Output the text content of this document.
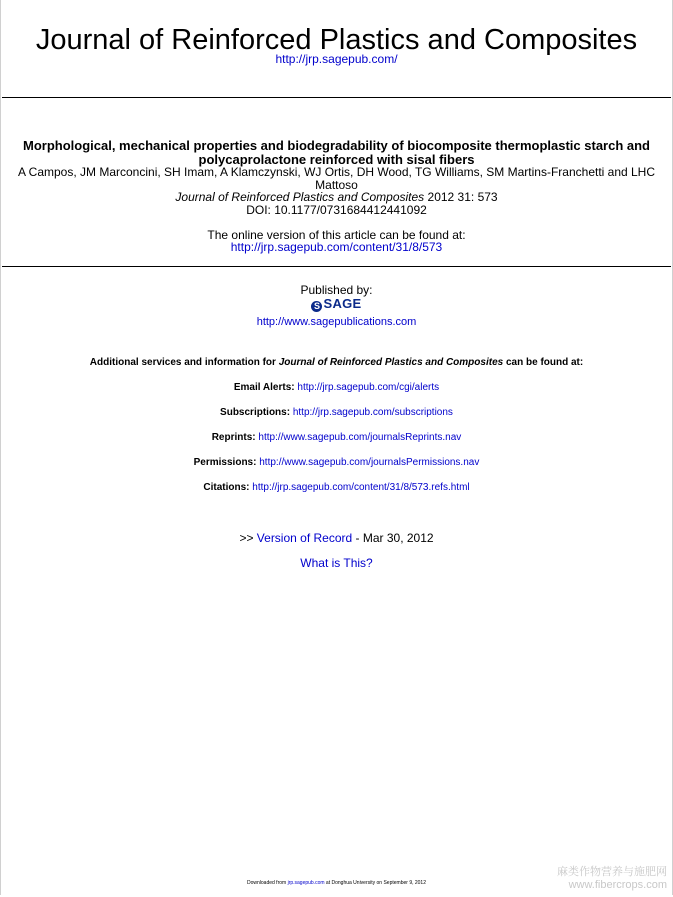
Journal of Reinforced Plastics and Composites
http://jrp.sagepub.com/
Morphological, mechanical properties and biodegradability of biocomposite thermoplastic starch and polycaprolactone reinforced with sisal fibers
A Campos, JM Marconcini, SH Imam, A Klamczynski, WJ Ortis, DH Wood, TG Williams, SM Martins-Franchetti and LHC Mattoso
Journal of Reinforced Plastics and Composites 2012 31: 573
DOI: 10.1177/0731684412441092
The online version of this article can be found at:
http://jrp.sagepub.com/content/31/8/573
Published by:
S SAGE
http://www.sagepublications.com
Additional services and information for Journal of Reinforced Plastics and Composites can be found at:
Email Alerts: http://jrp.sagepub.com/cgi/alerts
Subscriptions: http://jrp.sagepub.com/subscriptions
Reprints: http://www.sagepub.com/journalsReprints.nav
Permissions: http://www.sagepub.com/journalsPermissions.nav
Citations: http://jrp.sagepub.com/content/31/8/573.refs.html
>> Version of Record - Mar 30, 2012
What is This?
Downloaded from jrp.sagepub.com at Donghua University on September 9, 2012
麻类作物营养与施肥网
www.fibercrops.com
